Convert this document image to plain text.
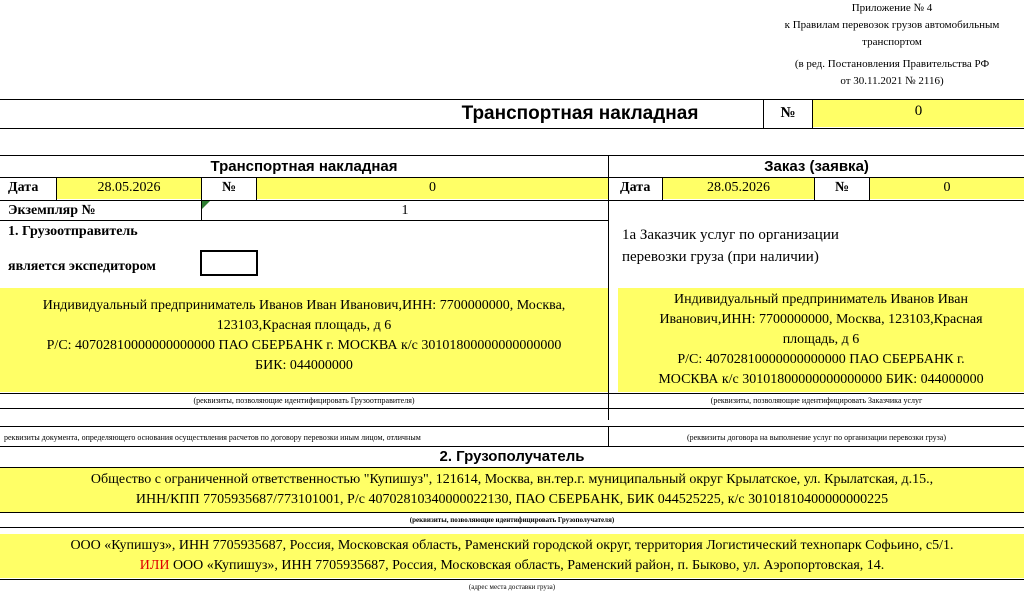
Приложение № 4
к Правилам перевозок грузов автомобильным
транспортом
(в ред. Постановления Правительства РФ
от 30.11.2021 № 2116)
Транспортная накладная	№	0
Транспортная накладная	Заказ (заявка)
Дата	28.05.2026	№	0	Дата	28.05.2026	№	0
Экземпляр №	1
1. Грузоотправитель
является экспедитором
1а Заказчик услуг по организации
перевозки груза (при наличии)
Индивидуальный предприниматель Иванов Иван Иванович,ИНН: 7700000000, Москва,
123103,Красная площадь, д 6
Р/С: 40702810000000000000 ПАО СБЕРБАНК г. МОСКВА к/с 30101800000000000000
БИК: 044000000
Индивидуальный предприниматель Иванов Иван
Иванович,ИНН: 7700000000, Москва, 123103,Красная
площадь, д 6
Р/С: 40702810000000000000 ПАО СБЕРБАНК г.
МОСКВА к/с 30101800000000000000 БИК: 044000000
(реквизиты, позволяющие идентифицировать Грузоотправителя)	(реквизиты, позволяющие идентифицировать Заказчика услуг
реквизиты документа, определяющего основания осуществления расчетов по договору перевозки иным лицом, отличным	(реквизиты договора на выполнение услуг по организации перевозки груза)
2. Грузополучатель
Общество с ограниченной ответственностью "Купишуз", 121614, Москва, вн.тер.г. муниципальный округ Крылатское, ул. Крылатская, д.15.,
ИНН/КПП 7705935687/773101001, Р/с 40702810340000022130, ПАО СБЕРБАНК, БИК 044525225, к/с 30101810400000000225
(реквизиты, позволяющие идентифицировать Грузополучателя)
ООО «Купишуз», ИНН 7705935687, Россия, Московская область, Раменский городской округ, территория Логистический технопарк Софьино, с5/1.
ИЛИ ООО «Купишуз», ИНН 7705935687, Россия, Московская область, Раменский район, п. Быково, ул. Аэропортовская, 14.
(адрес места доставки груза)
